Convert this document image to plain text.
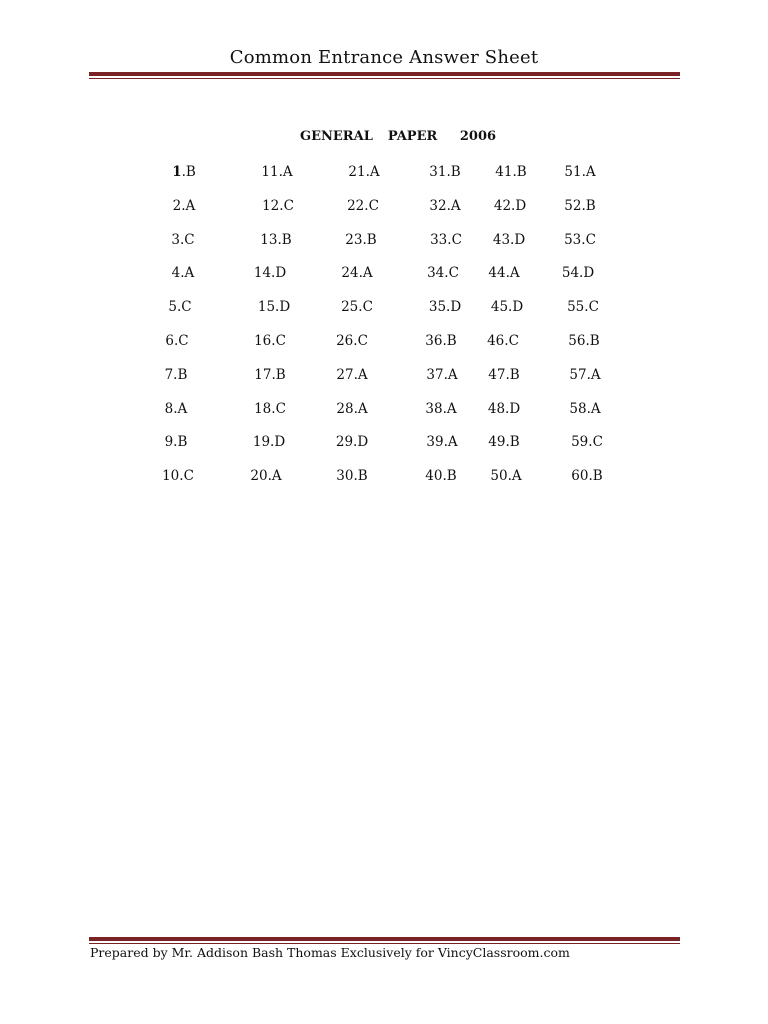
Common Entrance Answer Sheet
GENERAL  PAPER   2006
1.B	11.A	21.A	31.B	41.B	51.A
2.A	12.C	22.C	32.A 42.D	52.B
3.C	13.B	23.B	33.C 43.D	53.C
4.A	14.D	24.A	34.C 44.A	54.D
5.C	15.D	25.C	35.D 45.D	55.C
6.C	16.C	26.C	36.B 46.C	56.B
7.B	17.B	27.A	37.A 47.B	57.A
8.A	18.C	28.A	38.A 48.D	58.A
9.B	19.D	29.D	39.A 49.B	59.C
10.C	20.A	30.B	40.B 50.A	60.B
Prepared by Mr. Addison Bash Thomas Exclusively for VincyClassroom.com
